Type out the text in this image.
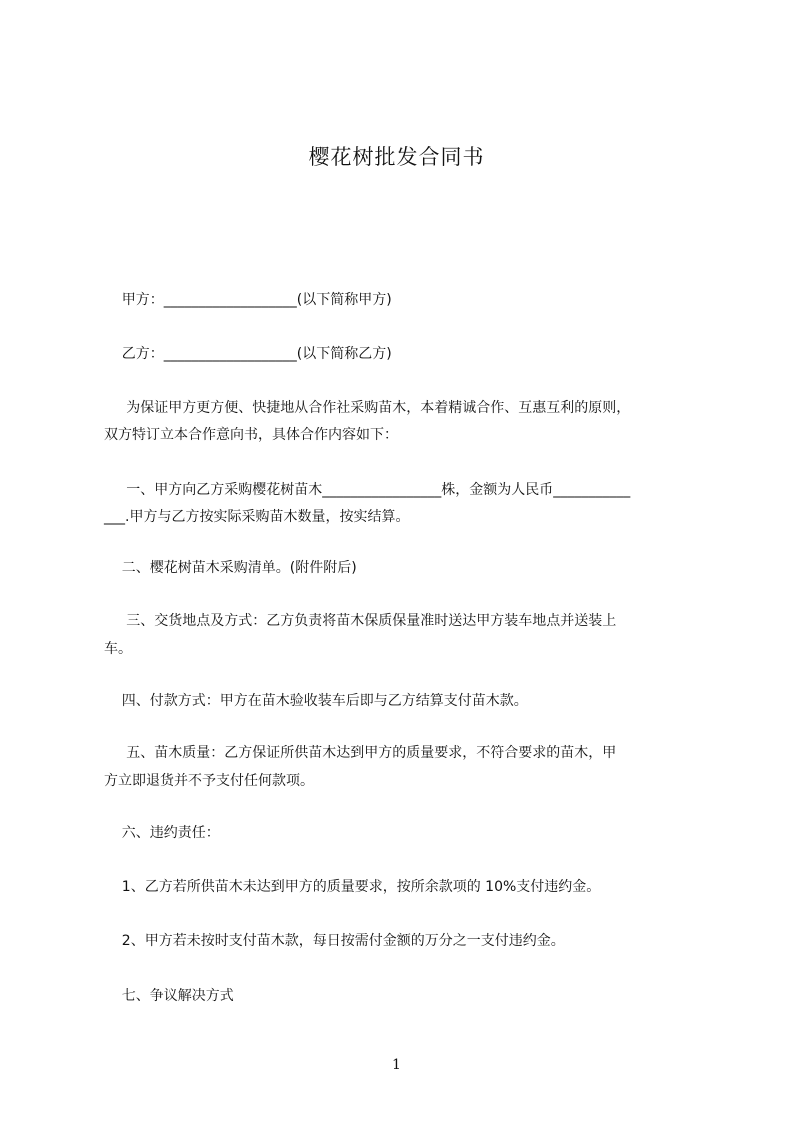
樱花树批发合同书
甲方：___________________(以下简称甲方)
乙方：___________________(以下简称乙方)
为保证甲方更方便、快捷地从合作社采购苗木，本着精诚合作、互惠互利的原则，
双方特订立本合作意向书，具体合作内容如下：
一、甲方向乙方采购樱花树苗木_________________株，金额为人民币___________
___.甲方与乙方按实际采购苗木数量，按实结算。
二、樱花树苗木采购清单。(附件附后)
三、交货地点及方式：乙方负责将苗木保质保量准时送达甲方装车地点并送装上
车。
四、付款方式：甲方在苗木验收装车后即与乙方结算支付苗木款。
五、苗木质量：乙方保证所供苗木达到甲方的质量要求，不符合要求的苗木，甲
方立即退货并不予支付任何款项。
六、违约责任：
1、乙方若所供苗木未达到甲方的质量要求，按所余款项的 10%支付违约金。
2、甲方若未按时支付苗木款，每日按需付金额的万分之一支付违约金。
七、争议解决方式
1
